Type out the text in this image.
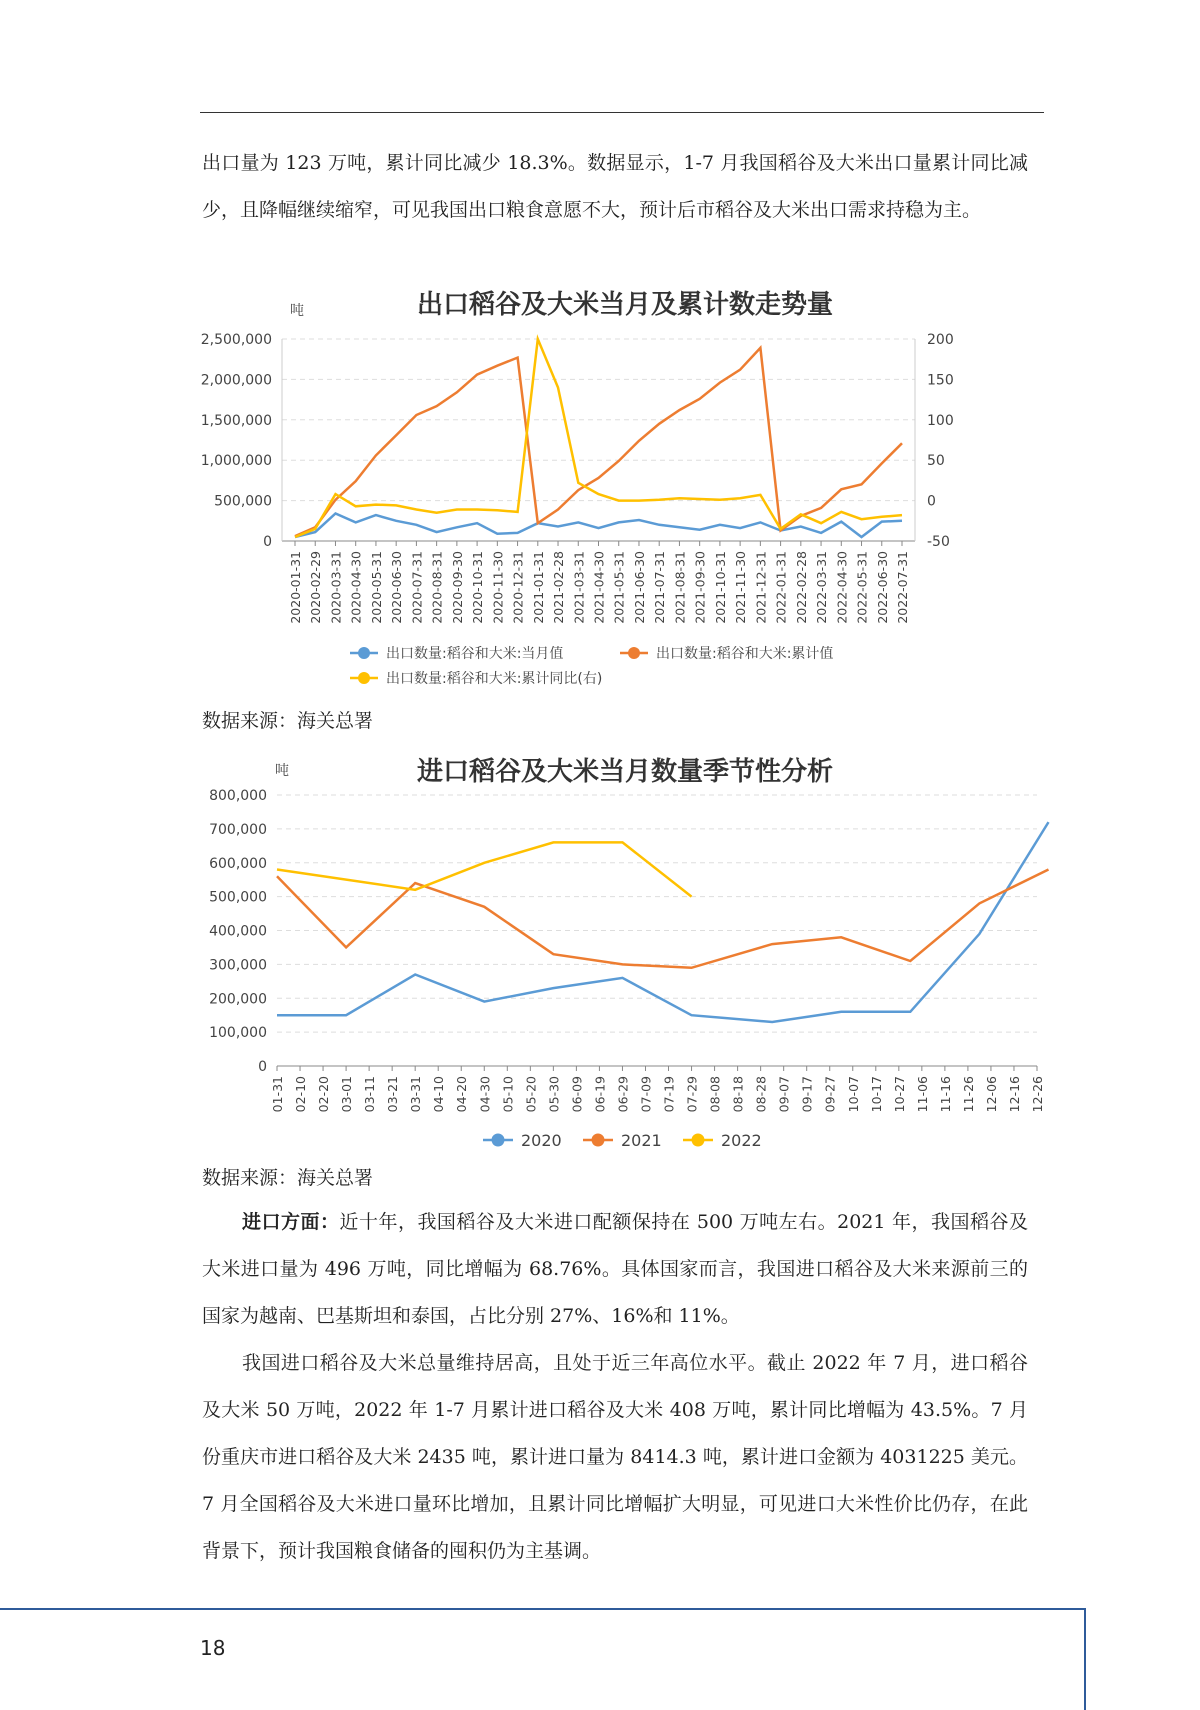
出口量为 123 万吨，累计同比减少 18.3%。数据显示，1-7 月我国稻谷及大米出口量累计同比减少，且降幅继续缩窄，可见我国出口粮食意愿不大，预计后市稻谷及大米出口需求持稳为主。

出口稻谷及大米当月及累计数走势量
吨
0
500,000
1,000,000
1,500,000
2,000,000
2,500,000
-50
0
50
100
150
200
2020-01-31 2020-02-29 2020-03-31 2020-04-30 2020-05-31 2020-06-30 2020-07-31 2020-08-31 2020-09-30 2020-10-31 2020-11-30 2020-12-31 2021-01-31 2021-02-28 2021-03-31 2021-04-30 2021-05-31 2021-06-30 2021-07-31 2021-08-31 2021-09-30 2021-10-31 2021-11-30 2021-12-31 2022-01-31 2022-02-28 2022-03-31 2022-04-30 2022-05-31 2022-06-30 2022-07-31
出口数量:稻谷和大米:当月值	出口数量:稻谷和大米:累计值
出口数量:稻谷和大米:累计同比(右)
数据来源：海关总署
进口稻谷及大米当月数量季节性分析
吨
0
100,000
200,000
300,000
400,000
500,000
600,000
700,000
800,000
01-31 02-10 02-20 03-01 03-11 03-21 03-31 04-10 04-20 04-30 05-10 05-20 05-30 06-09 06-19 06-29 07-09 07-19 07-29 08-08 08-18 08-28 09-07 09-17 09-27 10-07 10-17 10-27 11-06 11-16 11-26 12-06 12-16 12-26
2020	2021	2022
数据来源：海关总署

进口方面：近十年，我国稻谷及大米进口配额保持在 500 万吨左右。2021 年，我国稻谷及大米进口量为 496 万吨，同比增幅为 68.76%。具体国家而言，我国进口稻谷及大米来源前三的国家为越南、巴基斯坦和泰国，占比分别 27%、16%和 11%。

我国进口稻谷及大米总量维持居高，且处于近三年高位水平。截止 2022 年 7 月，进口稻谷及大米 50 万吨，2022 年 1-7 月累计进口稻谷及大米 408 万吨，累计同比增幅为 43.5%。7 月份重庆市进口稻谷及大米 2435 吨，累计进口量为 8414.3 吨，累计进口金额为 4031225 美元。7 月全国稻谷及大米进口量环比增加，且累计同比增幅扩大明显，可见进口大米性价比仍存，在此背景下，预计我国粮食储备的囤积仍为主基调。

18
